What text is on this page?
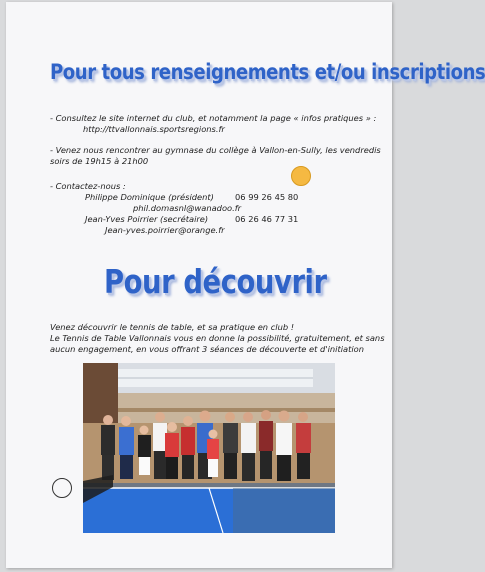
Pour tous renseignements et/ou inscriptions
- Consultez le site internet du club, et notamment la page « infos pratiques » :
http://ttvallonnais.sportsregions.fr
- Venez nous rencontrer au gymnase du collège à Vallon-en-Sully, les vendredis
soirs de 19h15 à 21h00
- Contactez-nous :
Philippe Dominique (président)	06 99 26 45 80
phil.domasnl@wanadoo.fr
Jean-Yves Poirrier (secrétaire)	06 26 46 77 31
Jean-yves.poirrier@orange.fr
Pour découvrir
Venez découvrir le tennis de table, et sa pratique en club !
Le Tennis de Table Vallonnais vous en donne la possibilité, gratuitement, et sans
aucun engagement, en vous offrant 3 séances de découverte et d'initiation
